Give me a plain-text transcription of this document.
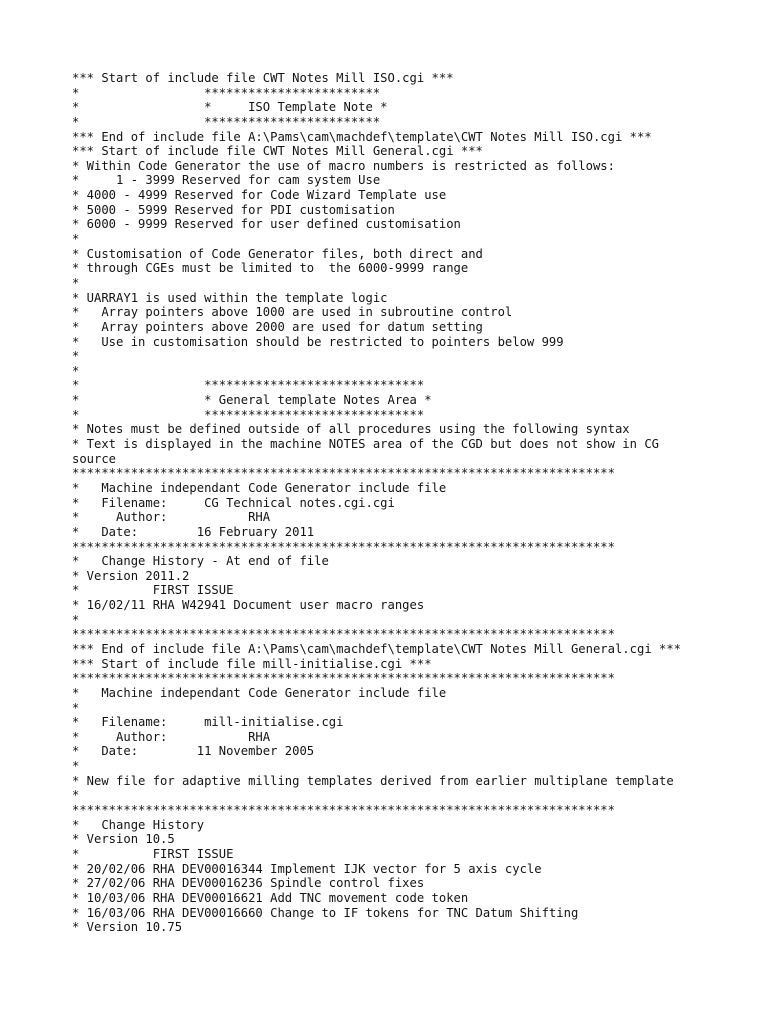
*** Start of include file CWT Notes Mill ISO.cgi ***
*                 ************************
*                 *     ISO Template Note *
*                 ************************
*** End of include file A:\Pams\cam\machdef\template\CWT Notes Mill ISO.cgi ***
*** Start of include file CWT Notes Mill General.cgi ***
* Within Code Generator the use of macro numbers is restricted as follows:
*     1 - 3999 Reserved for cam system Use
* 4000 - 4999 Reserved for Code Wizard Template use
* 5000 - 5999 Reserved for PDI customisation
* 6000 - 9999 Reserved for user defined customisation
*
* Customisation of Code Generator files, both direct and
* through CGEs must be limited to  the 6000-9999 range
*
* UARRAY1 is used within the template logic
*   Array pointers above 1000 are used in subroutine control
*   Array pointers above 2000 are used for datum setting
*   Use in customisation should be restricted to pointers below 999
*
*
*                 ******************************
*                 * General template Notes Area *
*                 ******************************
* Notes must be defined outside of all procedures using the following syntax
* Text is displayed in the machine NOTES area of the CGD but does not show in CG
source
**************************************************************************
*   Machine independant Code Generator include file
*   Filename:     CG Technical notes.cgi.cgi
*     Author:           RHA
*   Date:        16 February 2011
**************************************************************************
*   Change History - At end of file
* Version 2011.2
*          FIRST ISSUE
* 16/02/11 RHA W42941 Document user macro ranges
*
**************************************************************************
*** End of include file A:\Pams\cam\machdef\template\CWT Notes Mill General.cgi ***
*** Start of include file mill-initialise.cgi ***
**************************************************************************
*   Machine independant Code Generator include file
*
*   Filename:     mill-initialise.cgi
*     Author:           RHA
*   Date:        11 November 2005
*
* New file for adaptive milling templates derived from earlier multiplane template
*
**************************************************************************
*   Change History
* Version 10.5
*          FIRST ISSUE
* 20/02/06 RHA DEV00016344 Implement IJK vector for 5 axis cycle
* 27/02/06 RHA DEV00016236 Spindle control fixes
* 10/03/06 RHA DEV00016621 Add TNC movement code token
* 16/03/06 RHA DEV00016660 Change to IF tokens for TNC Datum Shifting
* Version 10.75
